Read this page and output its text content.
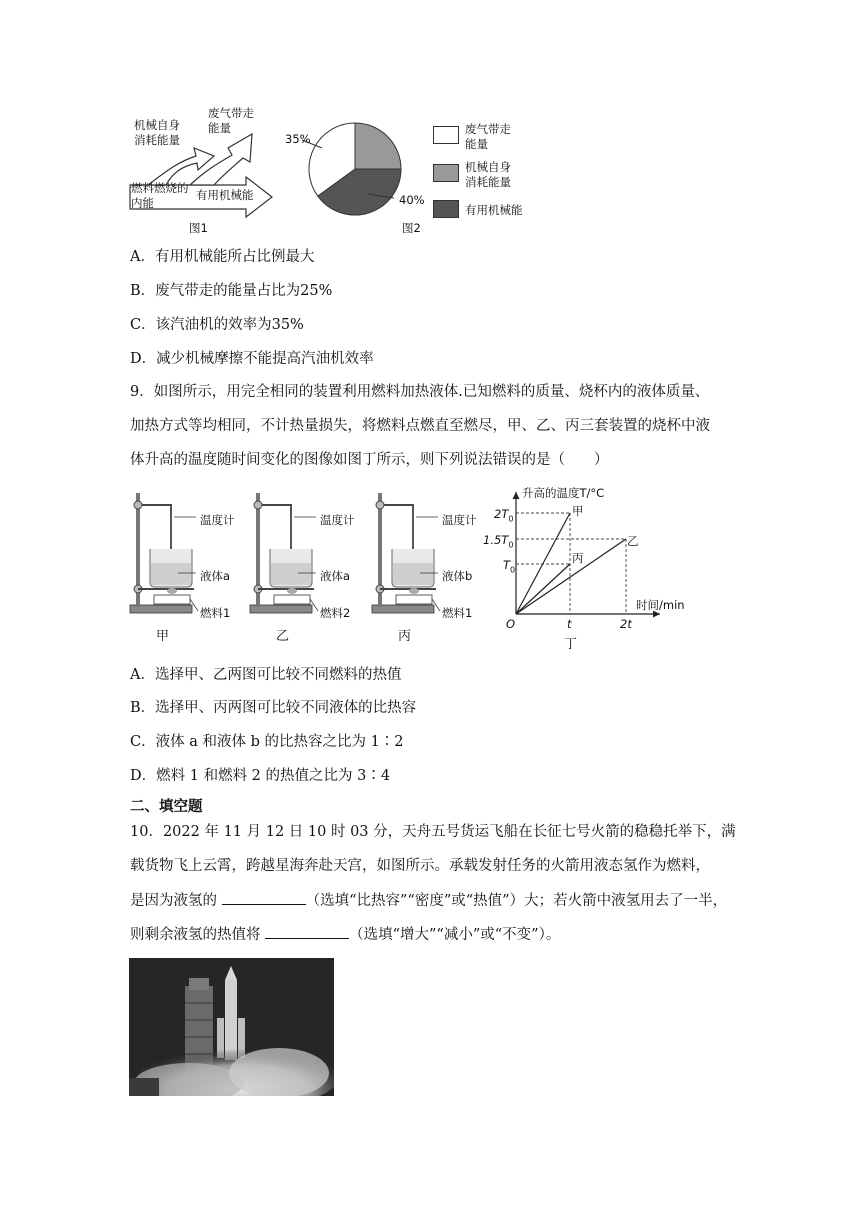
机械自身
消耗能量
废气带走
能量
燃料燃烧的
内能
有用机械能
图1
35%
40%
图2
废气带走
能量
机械自身
消耗能量
有用机械能
A．有用机械能所占比例最大
B．废气带走的能量占比为25%
C．该汽油机的效率为35%
D．减少机械摩擦不能提高汽油机效率
9．如图所示，用完全相同的装置利用燃料加热液体.已知燃料的质量、烧杯内的液体质量、
加热方式等均相同，不计热量损失，将燃料点燃直至燃尽，甲、乙、丙三套装置的烧杯中液
体升高的温度随时间变化的图像如图丁所示，则下列说法错误的是（　　）
温度计
液体a
燃料1
甲
温度计
液体a
燃料2
乙
温度计
液体b
燃料1
丙
升高的温度T/°C
$2T_0$
$1.5T_0$
$T_0$
O	t	2t
时间/min
甲
乙
丙
丁
A．选择甲、乙两图可比较不同燃料的热值
B．选择甲、丙两图可比较不同液体的比热容
C．液体 a 和液体 b 的比热容之比为 1∶2
D．燃料 1 和燃料 2 的热值之比为 3∶4
二、填空题
10．2022 年 11 月 12 日 10 时 03 分，天舟五号货运飞船在长征七号火箭的稳稳托举下，满
载货物飞上云霄，跨越星海奔赴天宫，如图所示。承载发射任务的火箭用液态氢作为燃料，
是因为液氢的	（选填“比热容”“密度”或“热值”）大；若火箭中液氢用去了一半，
则剩余液氢的热值将	（选填“增大”“减小”或“不变”）。
